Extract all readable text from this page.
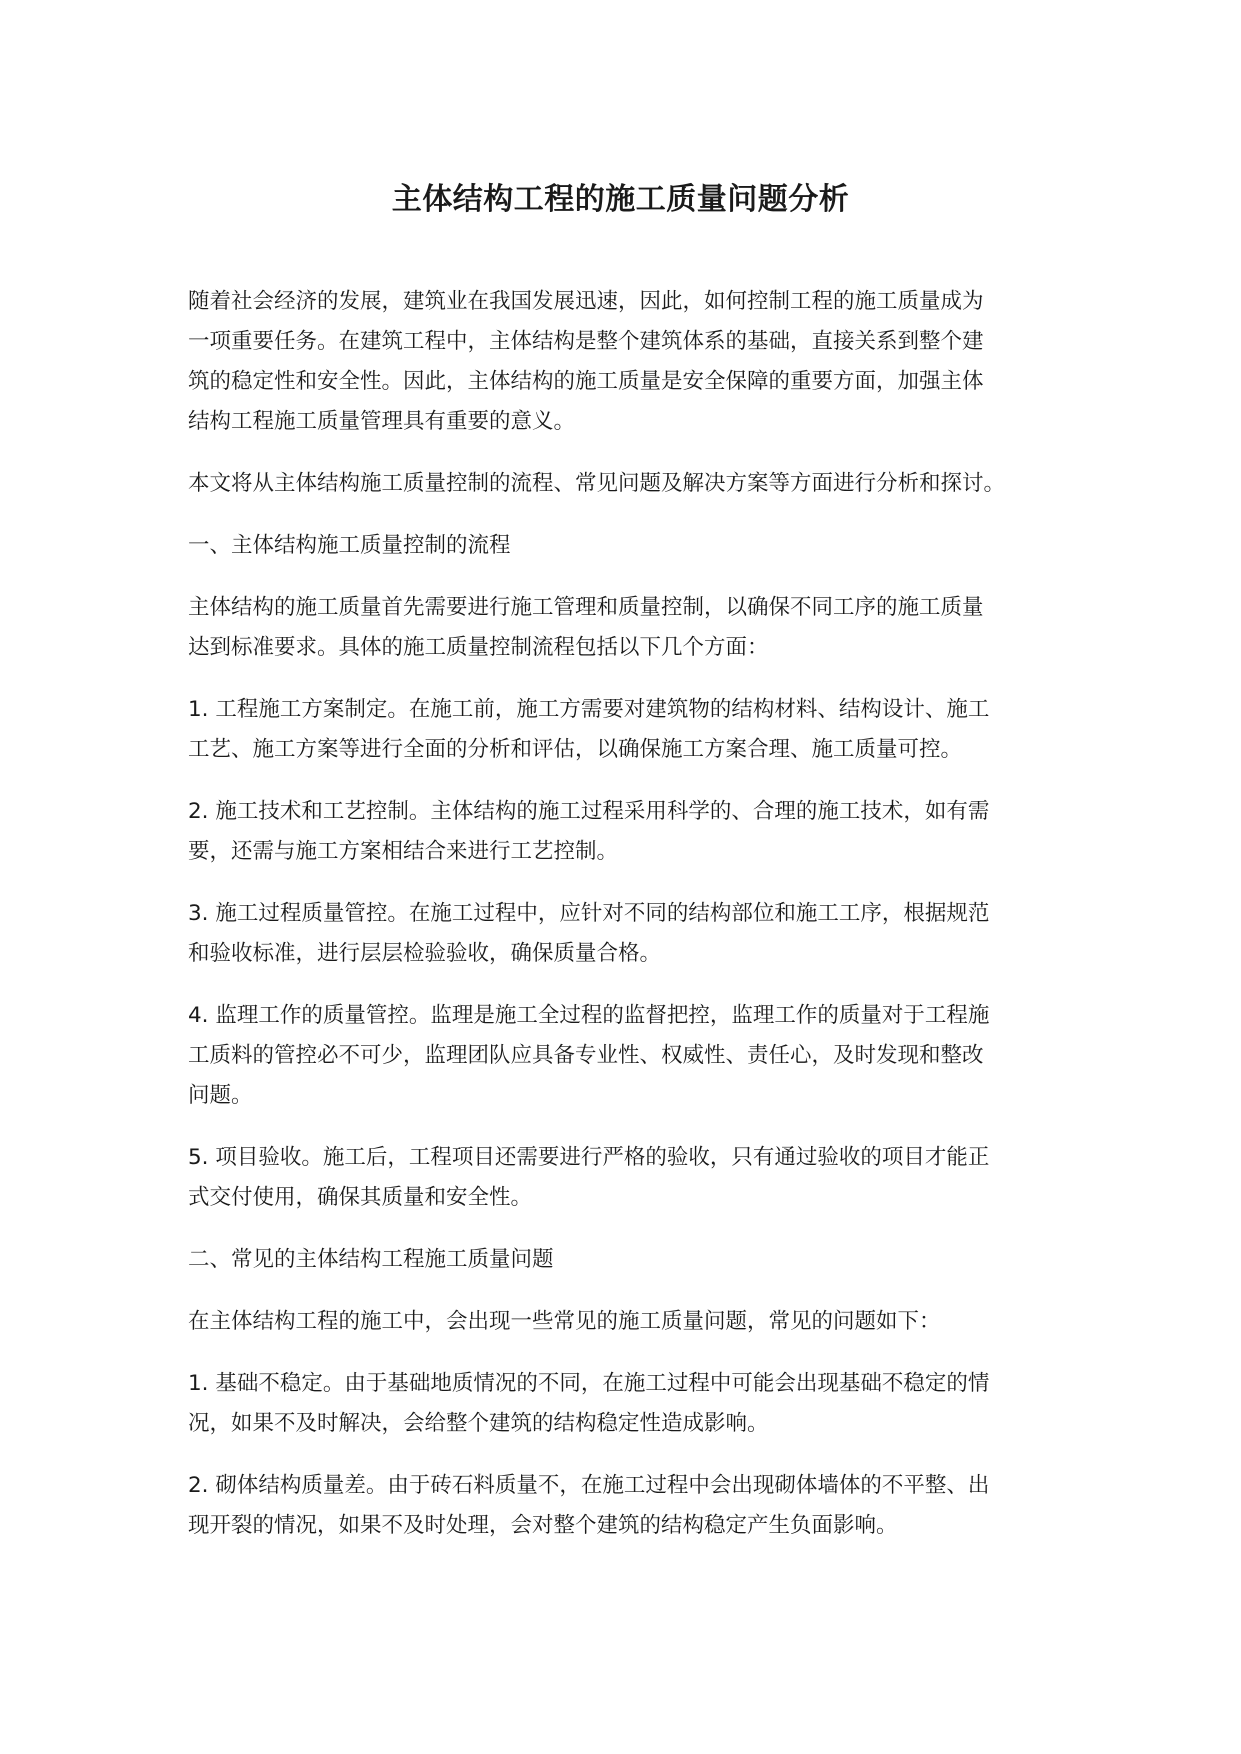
主体结构工程的施工质量问题分析

随着社会经济的发展，建筑业在我国发展迅速，因此，如何控制工程的施工质量成为
一项重要任务。在建筑工程中，主体结构是整个建筑体系的基础，直接关系到整个建
筑的稳定性和安全性。因此，主体结构的施工质量是安全保障的重要方面，加强主体
结构工程施工质量管理具有重要的意义。

本文将从主体结构施工质量控制的流程、常见问题及解决方案等方面进行分析和探讨。

一、主体结构施工质量控制的流程

主体结构的施工质量首先需要进行施工管理和质量控制，以确保不同工序的施工质量
达到标准要求。具体的施工质量控制流程包括以下几个方面：

1. 工程施工方案制定。在施工前，施工方需要对建筑物的结构材料、结构设计、施工
工艺、施工方案等进行全面的分析和评估，以确保施工方案合理、施工质量可控。

2. 施工技术和工艺控制。主体结构的施工过程采用科学的、合理的施工技术，如有需
要，还需与施工方案相结合来进行工艺控制。

3. 施工过程质量管控。在施工过程中，应针对不同的结构部位和施工工序，根据规范
和验收标准，进行层层检验验收，确保质量合格。

4. 监理工作的质量管控。监理是施工全过程的监督把控，监理工作的质量对于工程施
工质料的管控必不可少，监理团队应具备专业性、权威性、责任心，及时发现和整改
问题。

5. 项目验收。施工后，工程项目还需要进行严格的验收，只有通过验收的项目才能正
式交付使用，确保其质量和安全性。

二、常见的主体结构工程施工质量问题

在主体结构工程的施工中，会出现一些常见的施工质量问题，常见的问题如下：

1. 基础不稳定。由于基础地质情况的不同，在施工过程中可能会出现基础不稳定的情
况，如果不及时解决，会给整个建筑的结构稳定性造成影响。

2. 砌体结构质量差。由于砖石料质量不，在施工过程中会出现砌体墙体的不平整、出
现开裂的情况，如果不及时处理，会对整个建筑的结构稳定产生负面影响。
